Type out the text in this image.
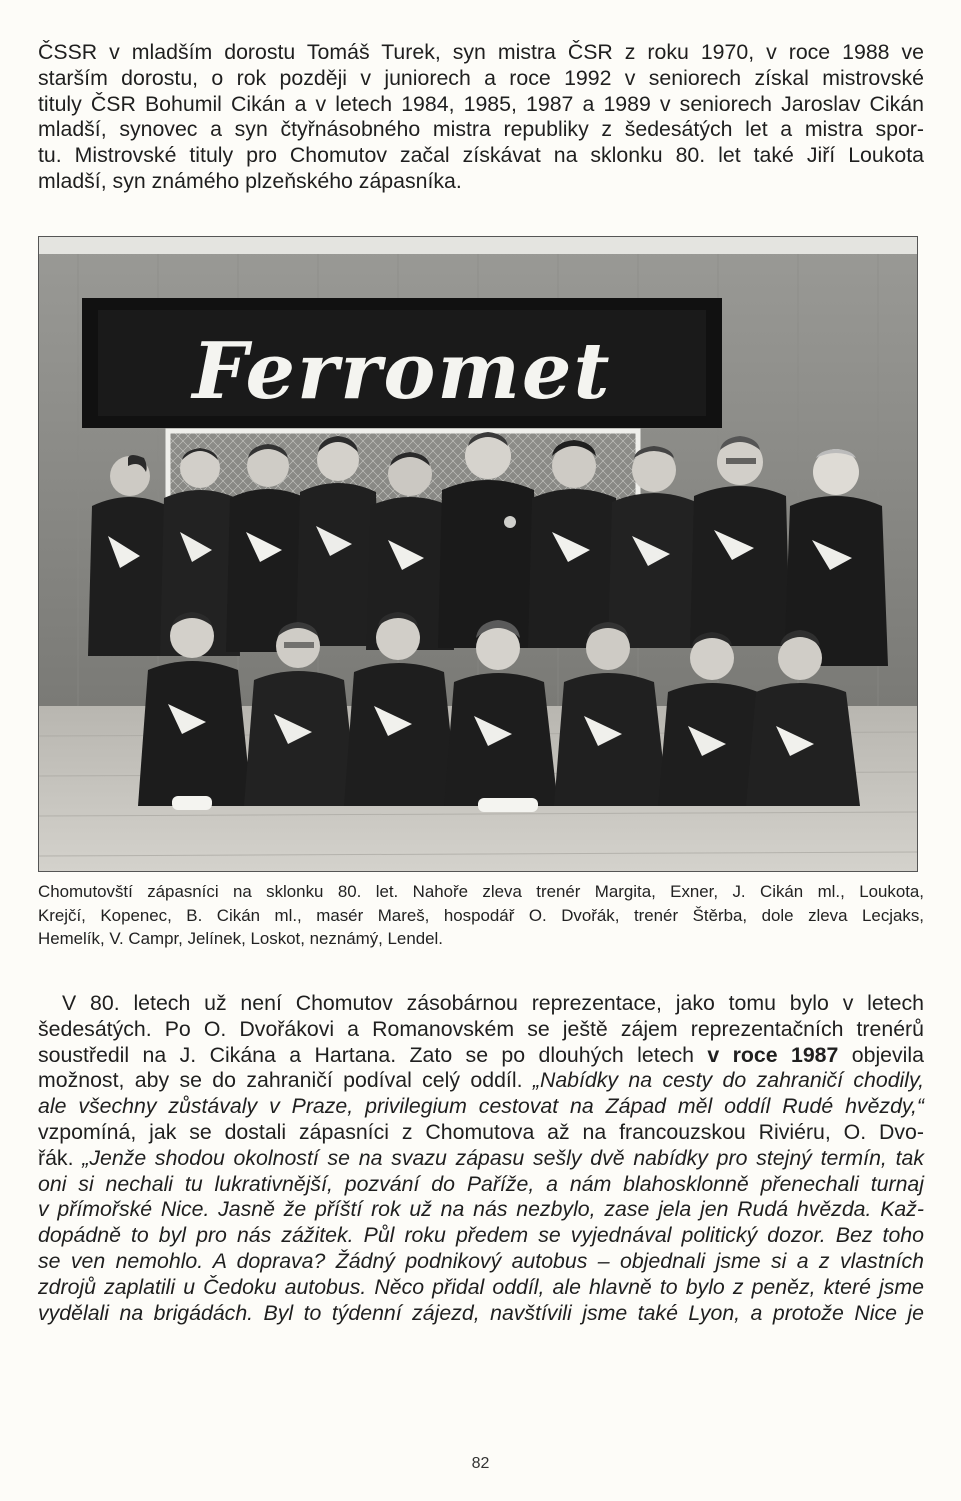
ČSSR v mladším dorostu Tomáš Turek, syn mistra ČSR z roku 1970, v roce 1988 ve
starším dorostu, o rok později v juniorech a roce 1992 v seniorech získal mistrovské
tituly ČSR Bohumil Cikán a v letech 1984, 1985, 1987 a 1989 v seniorech Jaroslav Cikán
mladší, synovec a syn čtyřnásobného mistra republiky z šedesátých let a mistra spor-
tu. Mistrovské tituly pro Chomutov začal získávat na sklonku 80. let také Jiří Loukota
mladší, syn známého plzeňského zápasníka.
Ferromet
Chomutovští zápasníci na sklonku 80. let. Nahoře zleva trenér Margita, Exner, J. Cikán ml., Loukota,
Krejčí, Kopenec, B. Cikán ml., masér Mareš, hospodář O. Dvořák, trenér Štěrba, dole zleva Lecjaks,
Hemelík, V. Campr, Jelínek, Loskot, neznámý, Lendel.
V 80. letech už není Chomutov zásobárnou reprezentace, jako tomu bylo v letech
šedesátých. Po O. Dvořákovi a Romanovském se ještě zájem reprezentačních trenérů
soustředil na J. Cikána a Hartana. Zato se po dlouhých letech v roce 1987 objevila
možnost, aby se do zahraničí podíval celý oddíl. „Nabídky na cesty do zahraničí chodily,
ale všechny zůstávaly v Praze, privilegium cestovat na Západ měl oddíl Rudé hvězdy,“
vzpomíná, jak se dostali zápasníci z Chomutova až na francouzskou Riviéru, O. Dvo-
řák. „Jenže shodou okolností se na svazu zápasu sešly dvě nabídky pro stejný termín, tak
oni si nechali tu lukrativnější, pozvání do Paříže, a nám blahosklonně přenechali turnaj
v přímořské Nice. Jasně že příští rok už na nás nezbylo, zase jela jen Rudá hvězda. Kaž-
dopádně to byl pro nás zážitek. Půl roku předem se vyjednával politický dozor. Bez toho
se ven nemohlo. A doprava? Žádný podnikový autobus – objednali jsme si a z vlastních
zdrojů zaplatili u Čedoku autobus. Něco přidal oddíl, ale hlavně to bylo z peněz, které jsme
vydělali na brigádách. Byl to týdenní zájezd, navštívili jsme také Lyon, a protože Nice je
82
